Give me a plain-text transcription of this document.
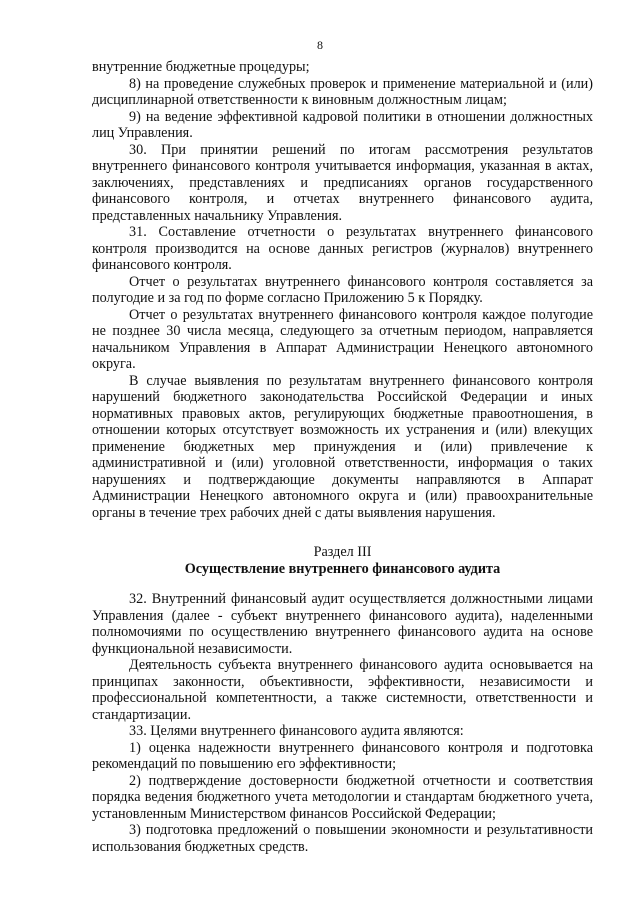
8

внутренние бюджетные процедуры;

8) на проведение служебных проверок и применение материальной и (или) дисциплинарной ответственности к виновным должностным лицам;

9) на ведение эффективной кадровой политики в отношении должностных лиц Управления.

30. При принятии решений по итогам рассмотрения результатов внутреннего финансового контроля учитывается информация, указанная в актах, заключениях, представлениях и предписаниях органов государственного финансового контроля, и отчетах внутреннего финансового аудита, представленных начальнику Управления.

31. Составление отчетности о результатах внутреннего финансового контроля производится на основе данных регистров (журналов) внутреннего финансового контроля.

Отчет о результатах внутреннего финансового контроля составляется за полугодие и за год по форме согласно Приложению 5 к Порядку.

Отчет о результатах внутреннего финансового контроля каждое полугодие не позднее 30 числа месяца, следующего за отчетным периодом, направляется начальником Управления в Аппарат Администрации Ненецкого автономного округа.

В случае выявления по результатам внутреннего финансового контроля нарушений бюджетного законодательства Российской Федерации и иных нормативных правовых актов, регулирующих бюджетные правоотношения, в отношении которых отсутствует возможность их устранения и (или) влекущих применение бюджетных мер принуждения и (или) привлечение к административной и (или) уголовной ответственности, информация о таких нарушениях и подтверждающие документы направляются в Аппарат Администрации Ненецкого автономного округа и (или) правоохранительные органы в течение трех рабочих дней с даты выявления нарушения.

Раздел III
Осуществление внутреннего финансового аудита

32. Внутренний финансовый аудит осуществляется должностными лицами Управления (далее - субъект внутреннего финансового аудита), наделенными полномочиями по осуществлению внутреннего финансового аудита на основе функциональной независимости.

Деятельность субъекта внутреннего финансового аудита основывается на принципах законности, объективности, эффективности, независимости и профессиональной компетентности, а также системности, ответственности и стандартизации.

33. Целями внутреннего финансового аудита являются:

1) оценка надежности внутреннего финансового контроля и подготовка рекомендаций по повышению его эффективности;

2) подтверждение достоверности бюджетной отчетности и соответствия порядка ведения бюджетного учета методологии и стандартам бюджетного учета, установленным Министерством финансов Российской Федерации;

3) подготовка предложений о повышении экономности и результативности использования бюджетных средств.
